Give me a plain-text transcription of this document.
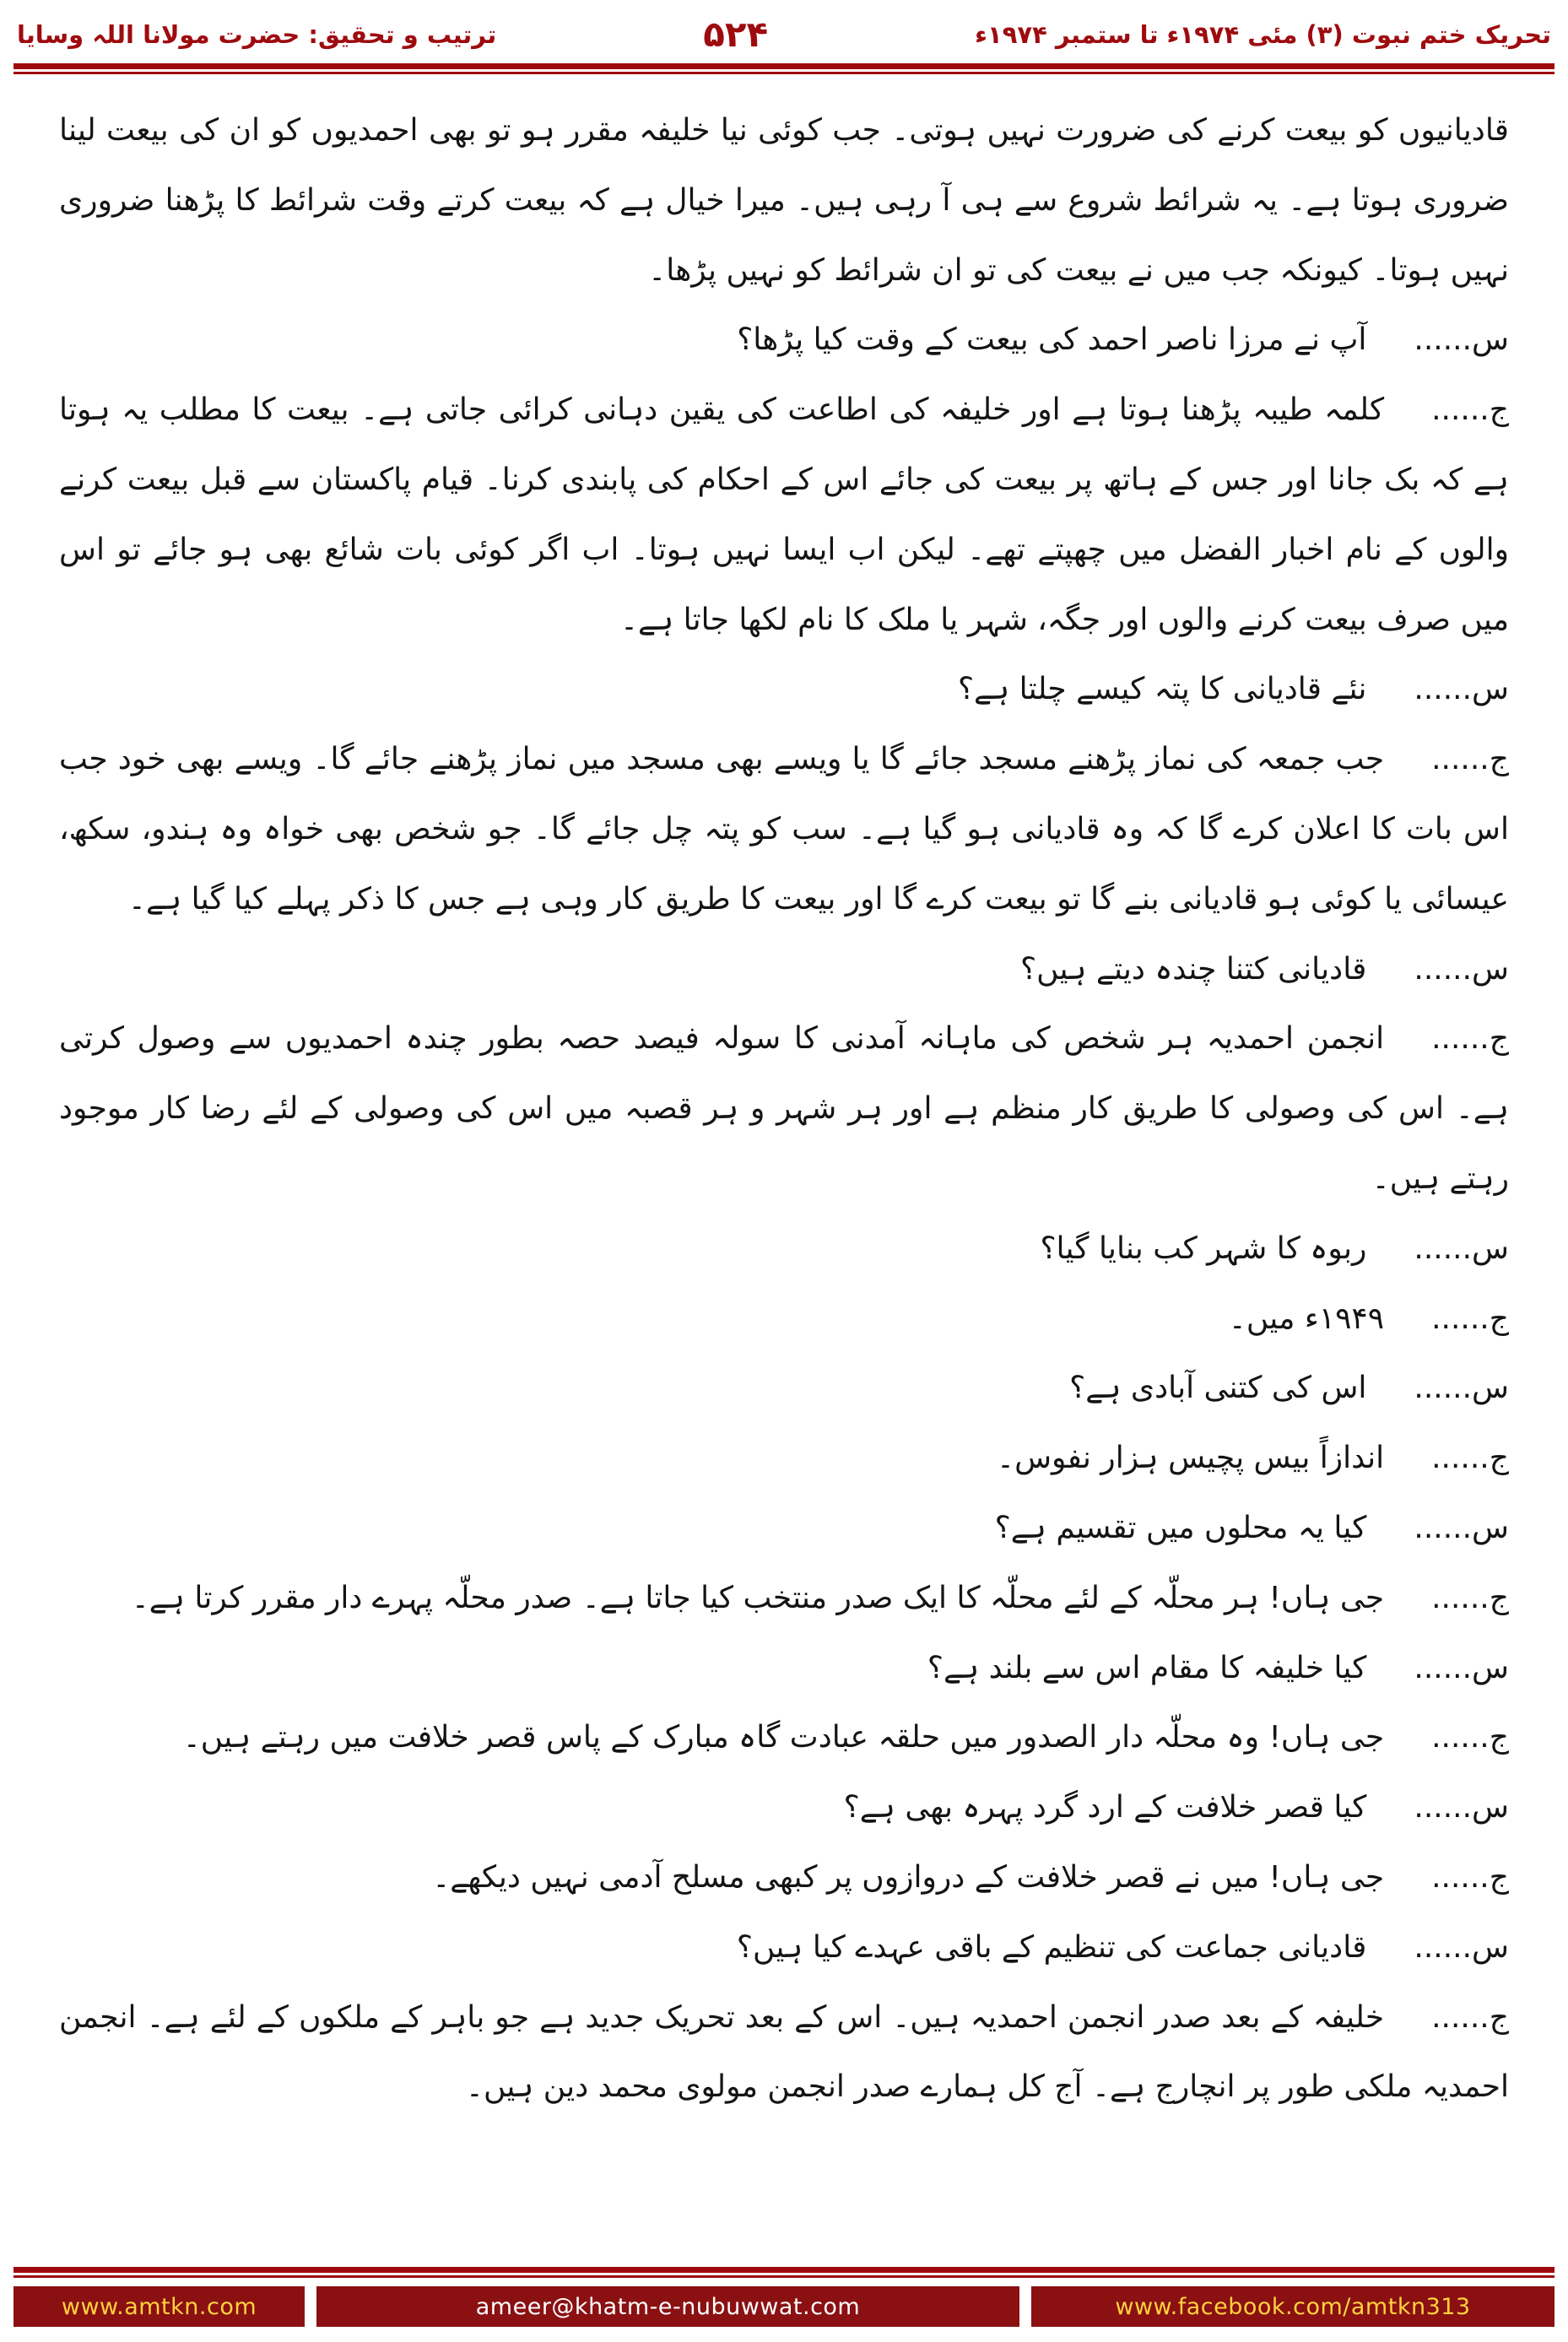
تحریک ختم نبوت (۳) مئی ۱۹۷۴ء تا ستمبر ۱۹۷۴ء
۵۲۴
ترتیب و تحقیق: حضرت مولانا اللہ وسایا

قادیانیوں کو بیعت کرنے کی ضرورت نہیں ہوتی۔ جب کوئی نیا خلیفہ مقرر ہو تو بھی احمدیوں کو ان کی بیعت لینا ضروری ہوتا ہے۔ یہ شرائط شروع سے ہی آ رہی ہیں۔ میرا خیال ہے کہ بیعت کرتے وقت شرائط کا پڑھنا ضروری نہیں ہوتا۔ کیونکہ جب میں نے بیعت کی تو ان شرائط کو نہیں پڑھا۔

س......آپ نے مرزا ناصر احمد کی بیعت کے وقت کیا پڑھا؟

ج......کلمہ طیبہ پڑھنا ہوتا ہے اور خلیفہ کی اطاعت کی یقین دہانی کرائی جاتی ہے۔ بیعت کا مطلب یہ ہوتا ہے کہ بک جانا اور جس کے ہاتھ پر بیعت کی جائے اس کے احکام کی پابندی کرنا۔ قیام پاکستان سے قبل بیعت کرنے والوں کے نام اخبار الفضل میں چھپتے تھے۔ لیکن اب ایسا نہیں ہوتا۔ اب اگر کوئی بات شائع بھی ہو جائے تو اس میں صرف بیعت کرنے والوں اور جگہ، شہر یا ملک کا نام لکھا جاتا ہے۔

س......نئے قادیانی کا پتہ کیسے چلتا ہے؟

ج......جب جمعہ کی نماز پڑھنے مسجد جائے گا یا ویسے بھی مسجد میں نماز پڑھنے جائے گا۔ ویسے بھی خود جب اس بات کا اعلان کرے گا کہ وہ قادیانی ہو گیا ہے۔ سب کو پتہ چل جائے گا۔ جو شخص بھی خواہ وہ ہندو، سکھ، عیسائی یا کوئی ہو قادیانی بنے گا تو بیعت کرے گا اور بیعت کا طریق کار وہی ہے جس کا ذکر پہلے کیا گیا ہے۔

س......قادیانی کتنا چندہ دیتے ہیں؟

ج......انجمن احمدیہ ہر شخص کی ماہانہ آمدنی کا سولہ فیصد حصہ بطور چندہ احمدیوں سے وصول کرتی ہے۔ اس کی وصولی کا طریق کار منظم ہے اور ہر شہر و ہر قصبہ میں اس کی وصولی کے لئے رضا کار موجود رہتے ہیں۔

س......ربوہ کا شہر کب بنایا گیا؟

ج......۱۹۴۹ء میں۔

س......اس کی کتنی آبادی ہے؟

ج......اندازاً بیس پچیس ہزار نفوس۔

س......کیا یہ محلوں میں تقسیم ہے؟

ج......جی ہاں! ہر محلّہ کے لئے محلّہ کا ایک صدر منتخب کیا جاتا ہے۔ صدر محلّہ پہرے دار مقرر کرتا ہے۔

س......کیا خلیفہ کا مقام اس سے بلند ہے؟

ج......جی ہاں! وہ محلّہ دار الصدور میں حلقہ عبادت گاہ مبارک کے پاس قصر خلافت میں رہتے ہیں۔

س......کیا قصر خلافت کے ارد گرد پہرہ بھی ہے؟

ج......جی ہاں! میں نے قصر خلافت کے دروازوں پر کبھی مسلح آدمی نہیں دیکھے۔

س......قادیانی جماعت کی تنظیم کے باقی عہدے کیا ہیں؟

ج......خلیفہ کے بعد صدر انجمن احمدیہ ہیں۔ اس کے بعد تحریک جدید ہے جو باہر کے ملکوں کے لئے ہے۔ انجمن احمدیہ ملکی طور پر انچارج ہے۔ آج کل ہمارے صدر انجمن مولوی محمد دین ہیں۔

www.amtkn.com	ameer@khatm-e-nubuwwat.com	www.facebook.com/amtkn313
